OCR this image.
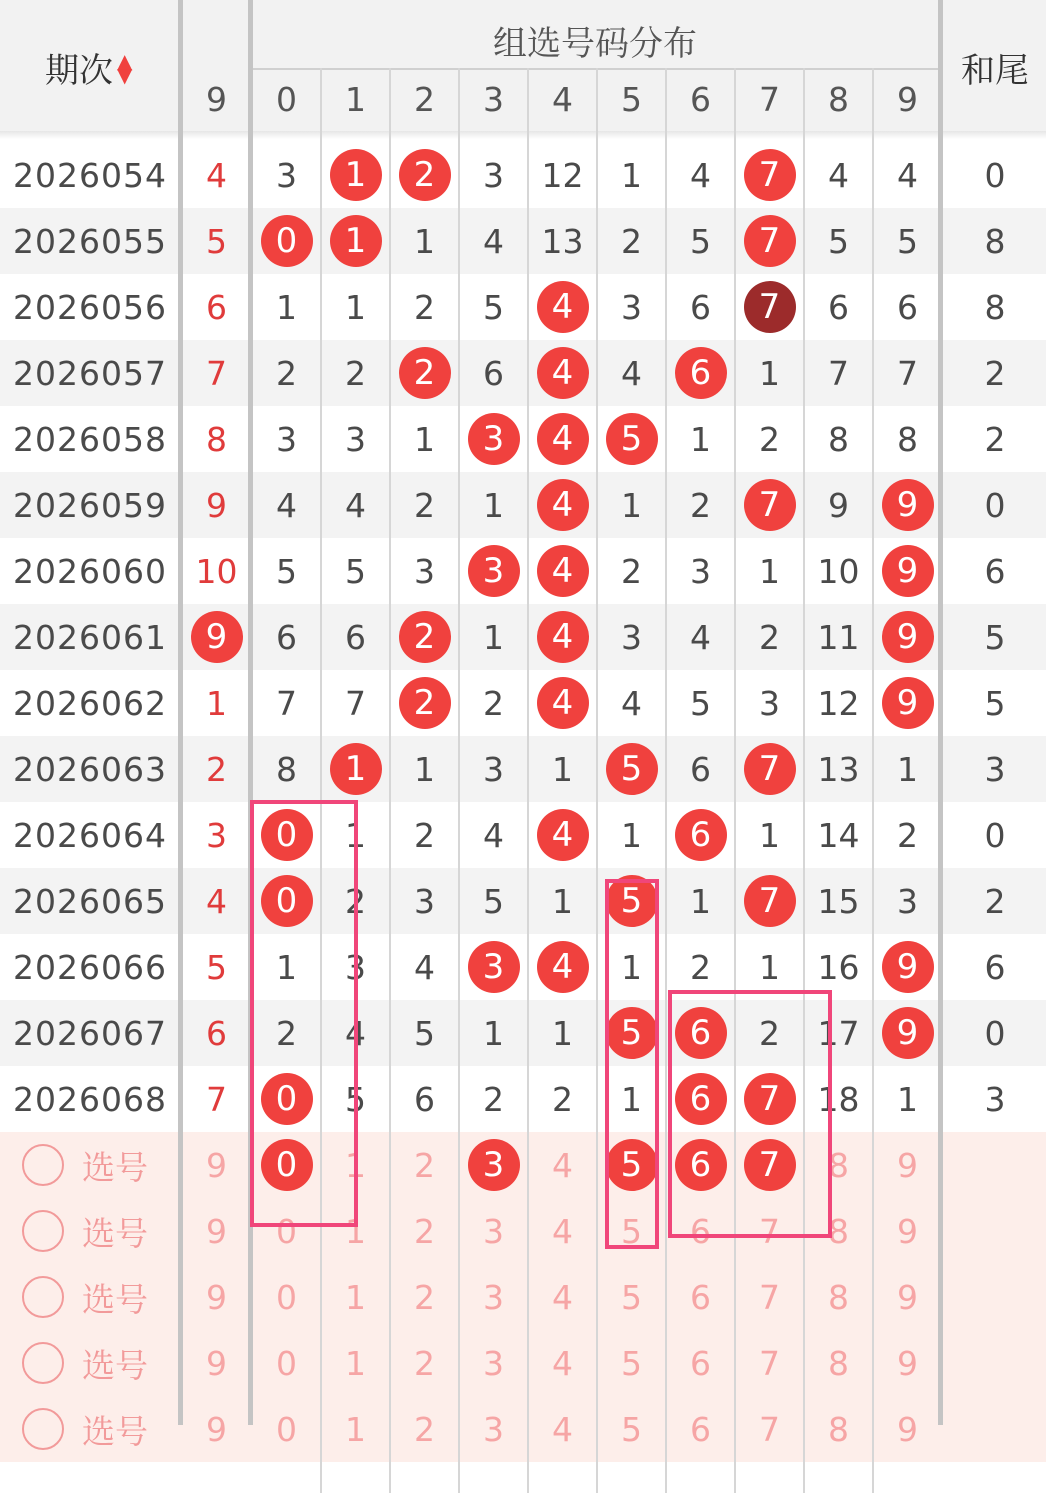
期次 ▲▼
组选号码分布
9	0	1	2	3	4	5	6	7	8	9
和尾
2026054	4	3	1	2	3	12	1	4	7	4	4	0
2026055	5	0	1	1	4	13	2	5	7	5	5	8
2026056	6	1	1	2	5	4	3	6	7	6	6	8
2026057	7	2	2	2	6	4	4	6	1	7	7	2
2026058	8	3	3	1	3	4	5	1	2	8	8	2
2026059	9	4	4	2	1	4	1	2	7	9	9	0
2026060 10	5	5	3	3	4	2	3	1	10	9	6
2026061	9	6	6	2	1	4	3	4	2	11	9	5
2026062	1	7	7	2	2	4	4	5	3	12	9	5
2026063	2	8	1	1	3	1	5	6	7	13	1	3
2026064	3	0	1	2	4	4	1	6	1	14	2	0
2026065	4	0	2	3	5	1	5	1	7	15	3	2
2026066	5	1	3	4	3	4	1	2	1	16	9	6
2026067	6	2	4	5	1	1	5	6	2	17	9	0
2026068	7	0	5	6	2	2	1	6	7	18	1	3
选号	9	0	1	2	3	4	5	6	7	8	9
选号	9	0	1	2	3	4	5	6	7	8	9
选号	9	0	1	2	3	4	5	6	7	8	9
选号	9	0	1	2	3	4	5	6	7	8	9
选号	9	0	1	2	3	4	5	6	7	8	9
